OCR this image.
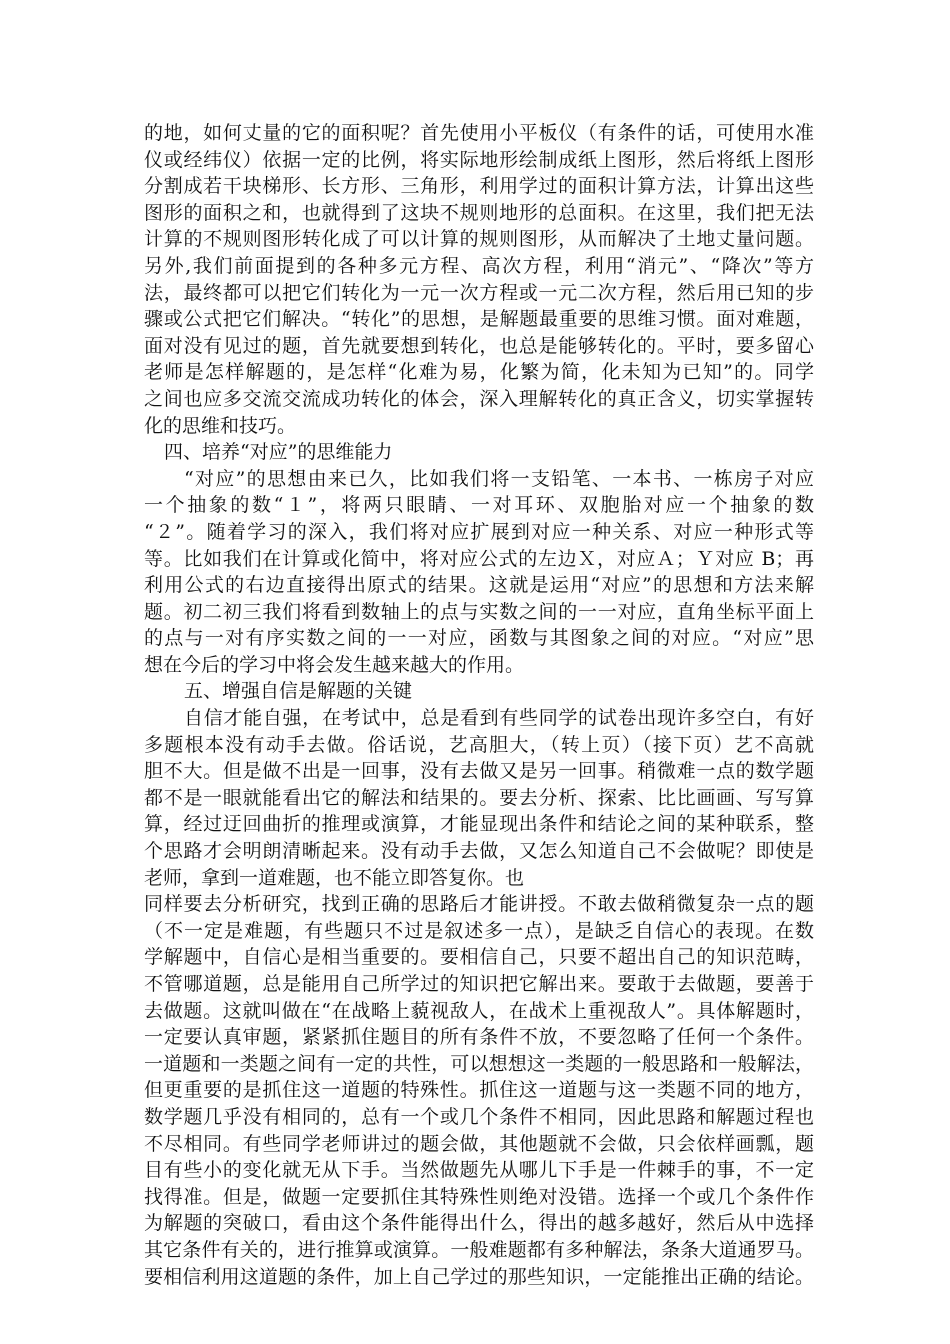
的地，如何丈量的它的面积呢？首先使用小平板仪（有条件的话，可使用水准
仪或经纬仪）依据一定的比例，将实际地形绘制成纸上图形，然后将纸上图形
分割成若干块梯形、长方形、三角形，利用学过的面积计算方法，计算出这些
图形的面积之和，也就得到了这块不规则地形的总面积。在这里，我们把无法
计算的不规则图形转化成了可以计算的规则图形，从而解决了土地丈量问题。
另外,我们前面提到的各种多元方程、高次方程，利用“消元”、“降次”等方
法，最终都可以把它们转化为一元一次方程或一元二次方程，然后用已知的步
骤或公式把它们解决。“转化”的思想，是解题最重要的思维习惯。面对难题，
面对没有见过的题，首先就要想到转化，也总是能够转化的。平时，要多留心
老师是怎样解题的，是怎样“化难为易，化繁为简，化未知为已知”的。同学
之间也应多交流交流成功转化的体会，深入理解转化的真正含义，切实掌握转
化的思维和技巧。
四、培养“对应”的思维能力
“对应”的思想由来已久，比如我们将一支铅笔、一本书、一栋房子对应
一个抽象的数“１”，将两只眼睛、一对耳环、双胞胎对应一个抽象的数
“２”。随着学习的深入，我们将对应扩展到对应一种关系、对应一种形式等
等。比如我们在计算或化简中，将对应公式的左边Ｘ，对应Ａ；Ｙ对应 B；再
利用公式的右边直接得出原式的结果。这就是运用“对应”的思想和方法来解
题。初二初三我们将看到数轴上的点与实数之间的一一对应，直角坐标平面上
的点与一对有序实数之间的一一对应，函数与其图象之间的对应。“对应”思
想在今后的学习中将会发生越来越大的作用。
五、增强自信是解题的关键
自信才能自强，在考试中，总是看到有些同学的试卷出现许多空白，有好
多题根本没有动手去做。俗话说，艺高胆大，（转上页）（接下页）艺不高就
胆不大。但是做不出是一回事，没有去做又是另一回事。稍微难一点的数学题
都不是一眼就能看出它的解法和结果的。要去分析、探索、比比画画、写写算
算，经过迂回曲折的推理或演算，才能显现出条件和结论之间的某种联系，整
个思路才会明朗清晰起来。没有动手去做，又怎么知道自己不会做呢？即使是
老师，拿到一道难题，也不能立即答复你。也
同样要去分析研究，找到正确的思路后才能讲授。不敢去做稍微复杂一点的题
（不一定是难题，有些题只不过是叙述多一点），是缺乏自信心的表现。在数
学解题中，自信心是相当重要的。要相信自己，只要不超出自己的知识范畴，
不管哪道题，总是能用自己所学过的知识把它解出来。要敢于去做题，要善于
去做题。这就叫做在“在战略上藐视敌人，在战术上重视敌人”。具体解题时，
一定要认真审题，紧紧抓住题目的所有条件不放，不要忽略了任何一个条件。
一道题和一类题之间有一定的共性，可以想想这一类题的一般思路和一般解法，
但更重要的是抓住这一道题的特殊性。抓住这一道题与这一类题不同的地方，
数学题几乎没有相同的，总有一个或几个条件不相同，因此思路和解题过程也
不尽相同。有些同学老师讲过的题会做，其他题就不会做，只会依样画瓢，题
目有些小的变化就无从下手。当然做题先从哪儿下手是一件棘手的事，不一定
找得准。但是，做题一定要抓住其特殊性则绝对没错。选择一个或几个条件作
为解题的突破口，看由这个条件能得出什么，得出的越多越好，然后从中选择
其它条件有关的，进行推算或演算。一般难题都有多种解法，条条大道通罗马。
要相信利用这道题的条件，加上自己学过的那些知识，一定能推出正确的结论。
